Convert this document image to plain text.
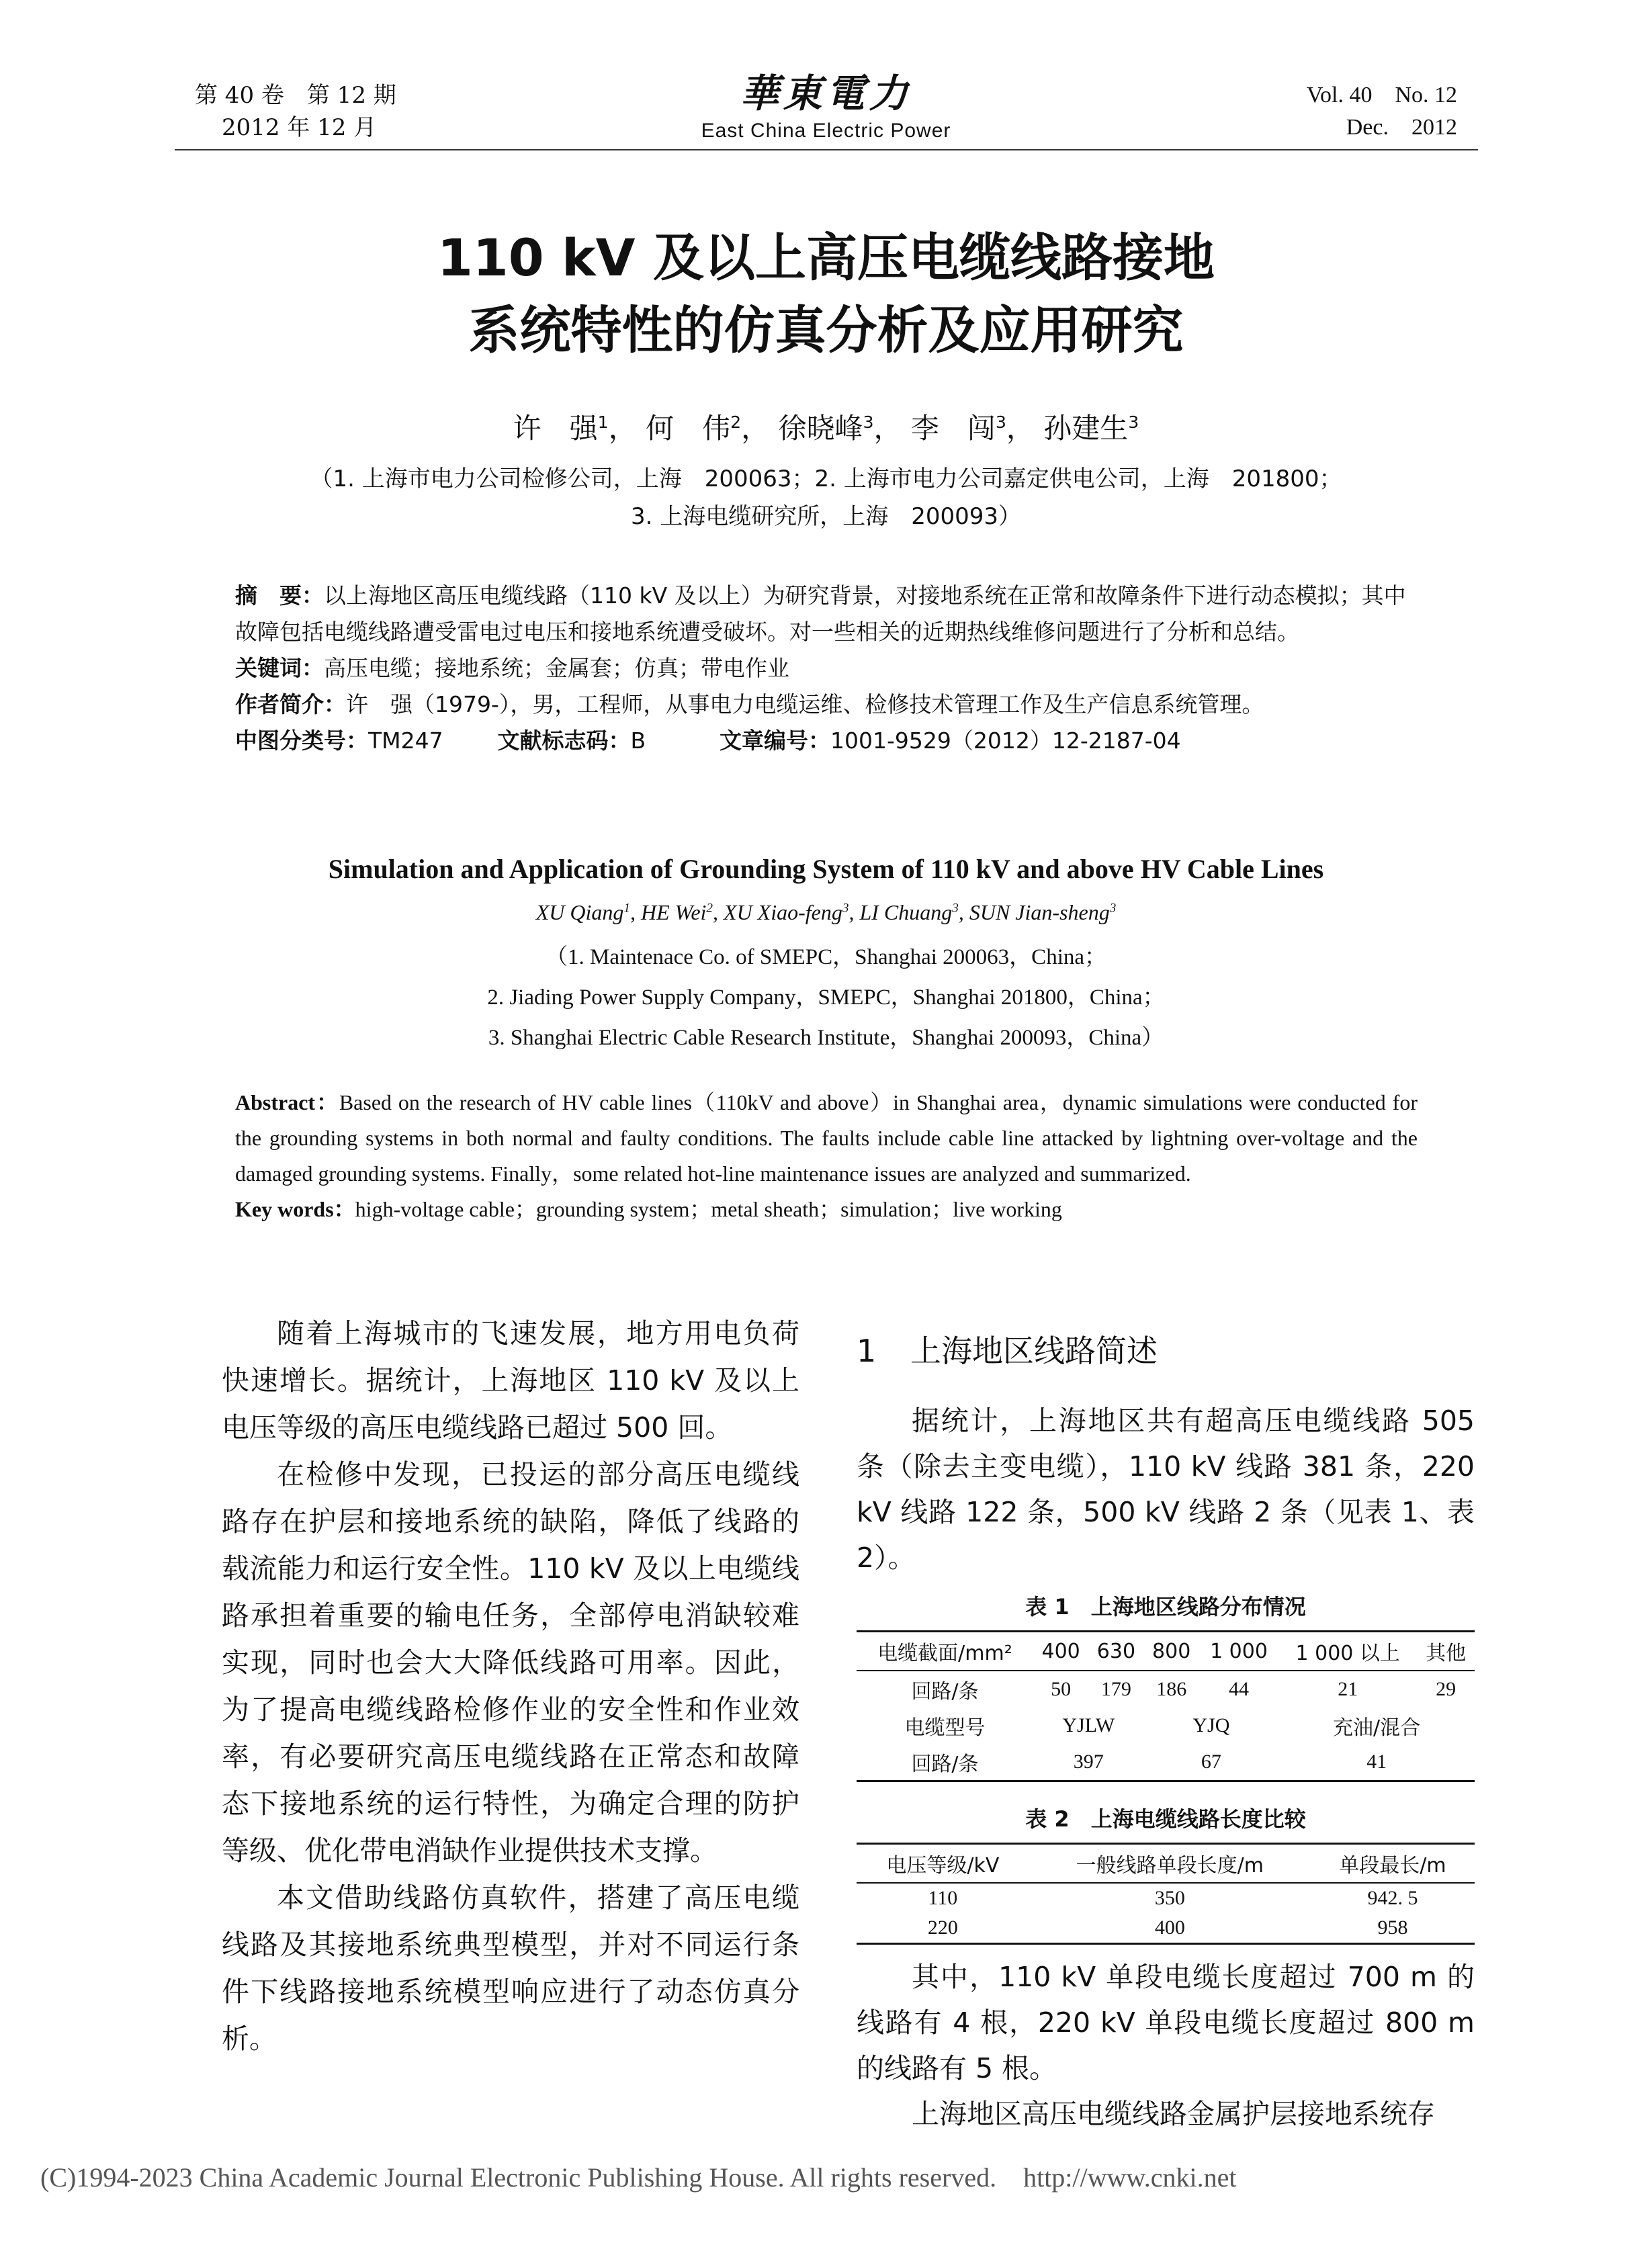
第 40 卷　第 12 期
2012 年 12 月
華東電力
East China Electric Power
Vol. 40　No. 12
Dec.　2012
110 kV 及以上高压电缆线路接地
系统特性的仿真分析及应用研究
许　强$^1$， 何　伟$^2$， 徐晓峰$^3$， 李　闯$^3$， 孙建生$^3$
（1. 上海市电力公司检修公司，上海　200063；2. 上海市电力公司嘉定供电公司，上海　201800；
3. 上海电缆研究所，上海　200093）

摘　要：以上海地区高压电缆线路（110 kV 及以上）为研究背景，对接地系统在正常和故障条件下进行动态模拟；其中故障包括电缆线路遭受雷电过电压和接地系统遭受破坏。对一些相关的近期热线维修问题进行了分析和总结。

关键词：高压电缆；接地系统；金属套；仿真；带电作业

作者简介：许　强（1979-），男，工程师，从事电力电缆运维、检修技术管理工作及生产信息系统管理。

中图分类号：TM247 文献标志码：B	文章编号：1001-9529（2012）12-2187-04

Simulation and Application of Grounding System of 110 kV and above HV Cable Lines
XU Qiang$^1$, HE Wei$^2$, XU Xiao-feng$^3$, LI Chuang$^3$, SUN Jian-sheng$^3$
（1. Maintenace Co. of SMEPC，Shanghai 200063，China；
2. Jiading Power Supply Company，SMEPC，Shanghai 201800，China；
3. Shanghai Electric Cable Research Institute，Shanghai 200093，China）

Abstract：Based on the research of HV cable lines（110kV and above）in Shanghai area，dynamic simulations were conducted for the grounding systems in both normal and faulty conditions. The faults include cable line attacked by lightning over-voltage and the damaged grounding systems. Finally，some related hot-line maintenance issues are analyzed and summarized.

Key words：high-voltage cable；grounding system；metal sheath；simulation；live working

随着上海城市的飞速发展，地方用电负荷快速增长。据统计，上海地区 110 kV 及以上电压等级的高压电缆线路已超过 500 回。

在检修中发现，已投运的部分高压电缆线路存在护层和接地系统的缺陷，降低了线路的载流能力和运行安全性。110 kV 及以上电缆线路承担着重要的输电任务，全部停电消缺较难实现，同时也会大大降低线路可用率。因此，为了提高电缆线路检修作业的安全性和作业效率，有必要研究高压电缆线路在正常态和故障态下接地系统的运行特性，为确定合理的防护等级、优化带电消缺作业提供技术支撑。

本文借助线路仿真软件，搭建了高压电缆线路及其接地系统典型模型，并对不同运行条件下线路接地系统模型响应进行了动态仿真分析。

1 上海地区线路简述

据统计，上海地区共有超高压电缆线路 505 条（除去主变电缆），110 kV 线路 381 条，220 kV 线路 122 条，500 kV 线路 2 条（见表 1、表 2）。

表 1　上海地区线路分布情况
电缆截面/mm²	400	630	800	1 000	1 000 以上	其他
回路/条	50	179	186	44	21	29
电缆型号	YJLW		YJQ		充油/混合	
回路/条	397		67		41	
表 2　上海电缆线路长度比较
电压等级/kV	一般线路单段长度/m	单段最长/m
110	350	942. 5
220	400	958

其中，110 kV 单段电缆长度超过 700 m 的线路有 4 根，220 kV 单段电缆长度超过 800 m 的线路有 5 根。

上海地区高压电缆线路金属护层接地系统存

(C)1994-2023 China Academic Journal Electronic Publishing House. All rights reserved. http://www.cnki.net
